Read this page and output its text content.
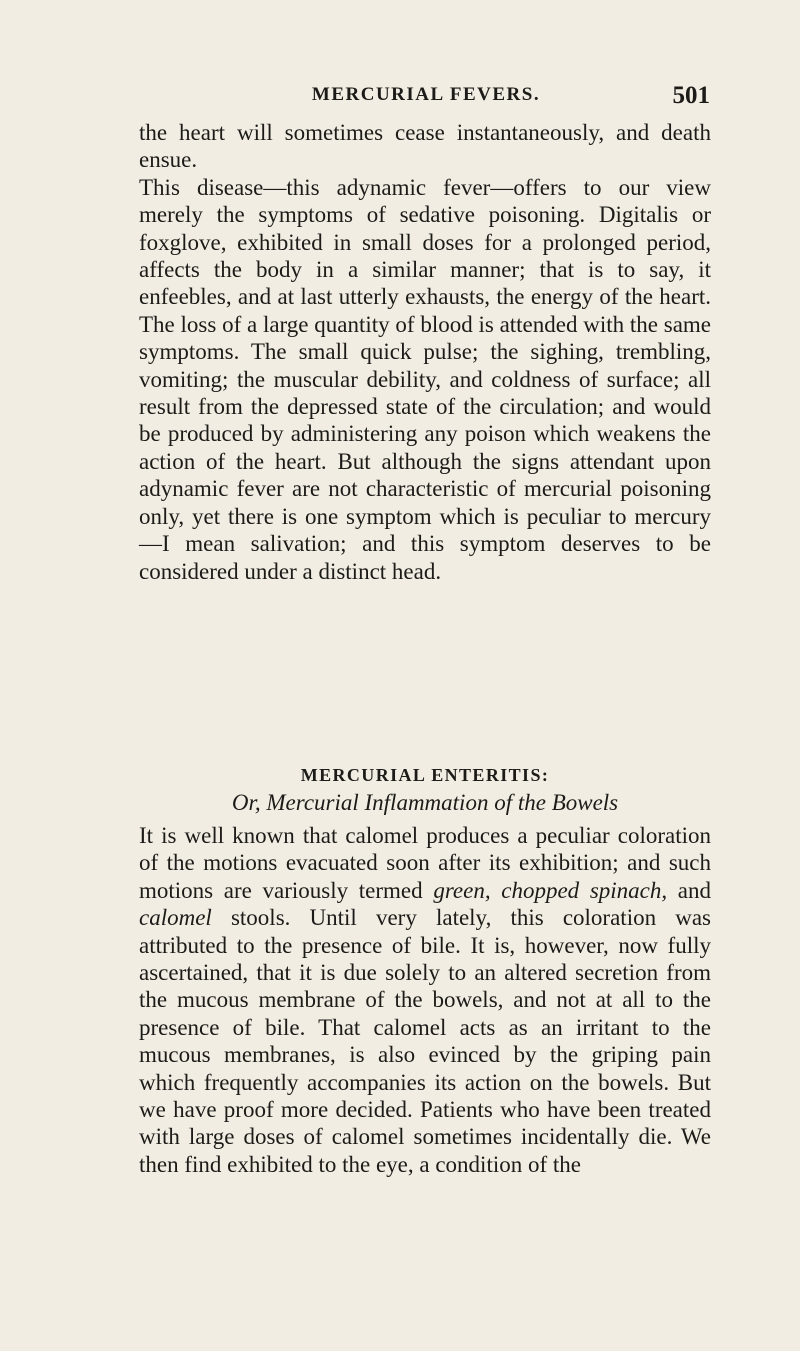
MERCURIAL FEVERS.	501

the heart will sometimes cease instantaneously, and death ensue.

This disease—this adynamic fever—offers to our view merely the symptoms of sedative poisoning. Digitalis or foxglove, exhibited in small doses for a prolonged period, affects the body in a similar manner; that is to say, it enfeebles, and at last utterly exhausts, the energy of the heart. The loss of a large quantity of blood is attended with the same symptoms. The small quick pulse; the sighing, trembling, vomiting; the muscular debility, and coldness of surface; all result from the depressed state of the circulation; and would be produced by administering any poison which weakens the action of the heart. But although the signs attendant upon adynamic fever are not characteristic of mercurial poisoning only, yet there is one symptom which is peculiar to mercury—I mean salivation; and this symptom deserves to be considered under a distinct head.

MERCURIAL ENTERITIS:
Or, Mercurial Inflammation of the Bowels

It is well known that calomel produces a peculiar coloration of the motions evacuated soon after its exhibition; and such motions are variously termed green, chopped spinach, and calomel stools. Until very lately, this coloration was attributed to the presence of bile. It is, however, now fully ascertained, that it is due solely to an altered secretion from the mucous membrane of the bowels, and not at all to the presence of bile. That calomel acts as an irritant to the mucous membranes, is also evinced by the griping pain which frequently accompanies its action on the bowels. But we have proof more decided. Patients who have been treated with large doses of calomel sometimes incidentally die. We then find exhibited to the eye, a condition of the
